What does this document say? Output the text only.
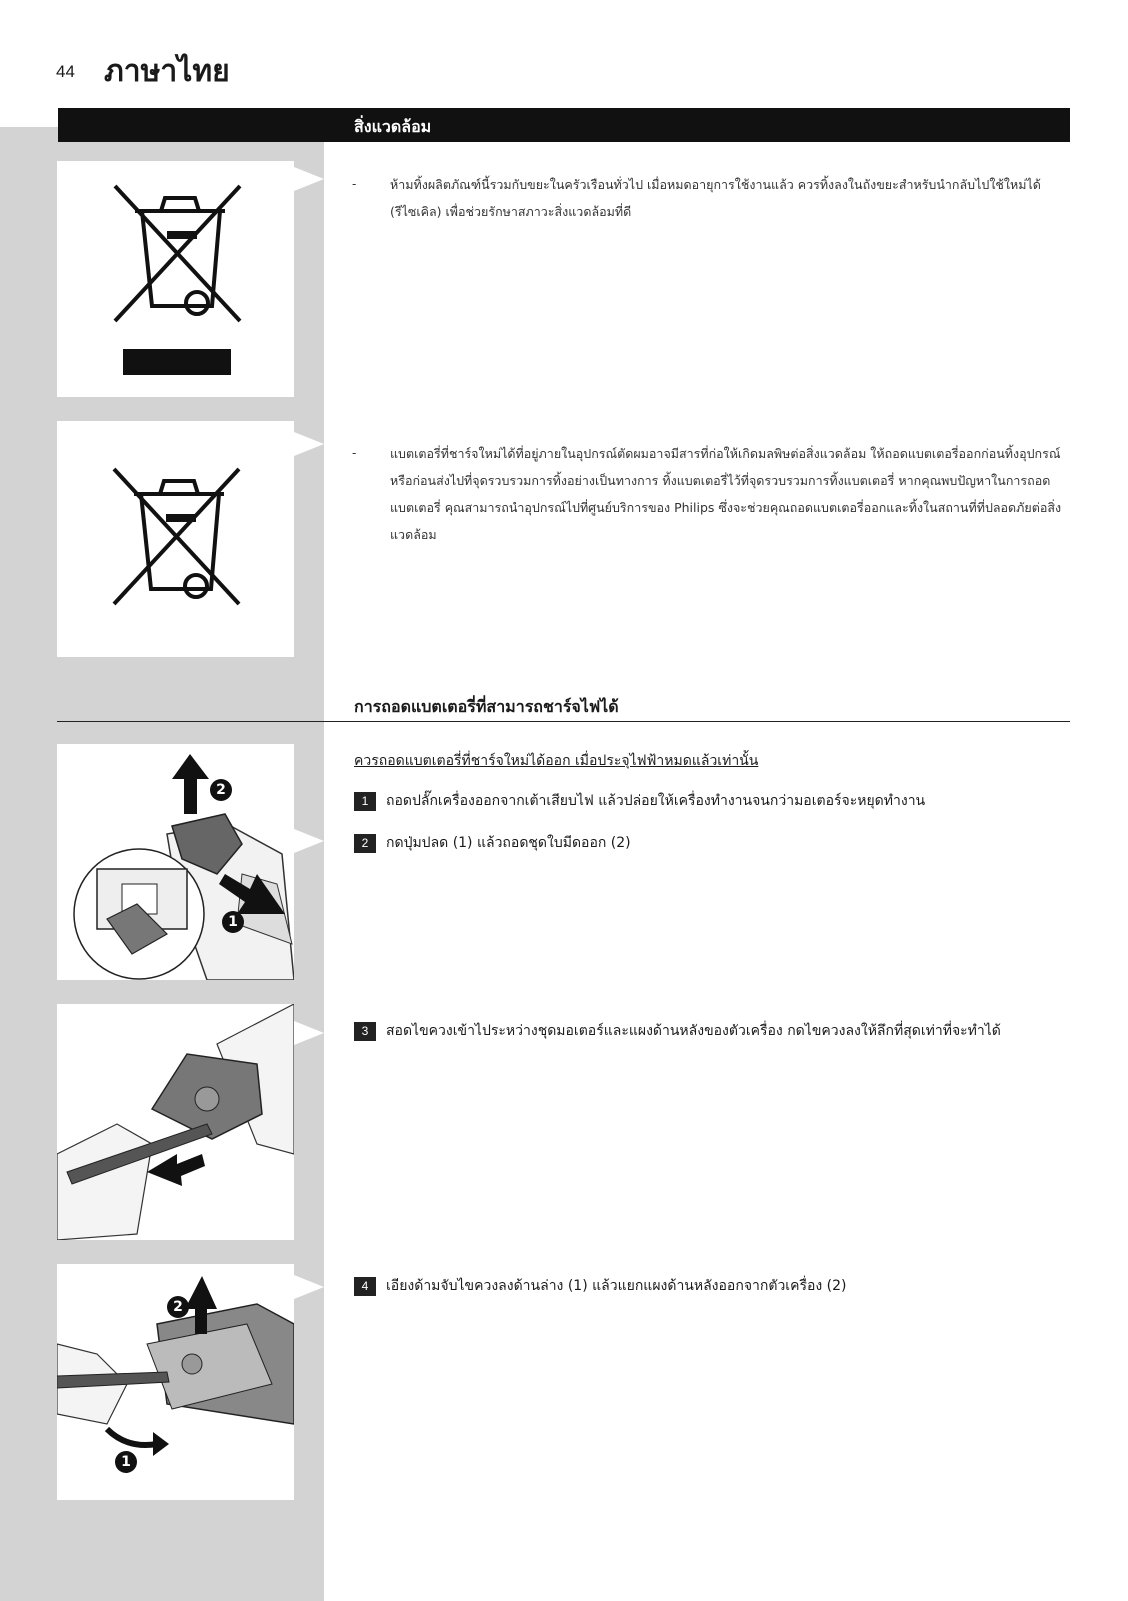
44 ภาษาไทย
สิ่งแวดล้อม
-	ห้ามทิ้งผลิตภัณฑ์นี้รวมกับขยะในครัวเรือนทั่วไป เมื่อหมดอายุการใช้งานแล้ว ควรทิ้งลงในถังขยะสำหรับนำกลับไปใช้ใหม่ได้ (รีไซเคิล) เพื่อช่วยรักษาสภาวะสิ่งแวดล้อมที่ดี
-	แบตเตอรี่ที่ชาร์จใหม่ได้ที่อยู่ภายในอุปกรณ์ตัดผมอาจมีสารที่ก่อให้เกิดมลพิษต่อสิ่งแวดล้อม ให้ถอดแบตเตอรี่ออกก่อนทิ้งอุปกรณ์หรือก่อนส่งไปที่จุดรวบรวมการทิ้งอย่างเป็นทางการ ทิ้งแบตเตอรี่ไว้ที่จุดรวบรวมการทิ้งแบตเตอรี่ หากคุณพบปัญหาในการถอดแบตเตอรี่ คุณสามารถนำอุปกรณ์ไปที่ศูนย์บริการของ Philips ซึ่งจะช่วยคุณถอดแบตเตอรี่ออกและทิ้งในสถานที่ที่ปลอดภัยต่อสิ่งแวดล้อม
การถอดแบตเตอรี่ที่สามารถชาร์จไฟได้
ควรถอดแบตเตอรี่ที่ชาร์จใหม่ได้ออก เมื่อประจุไฟฟ้าหมดแล้วเท่านั้น
2
1
1	ถอดปลั๊กเครื่องออกจากเต้าเสียบไฟ แล้วปล่อยให้เครื่องทำงานจนกว่ามอเตอร์จะหยุดทำงาน
2	กดปุ่มปลด (1) แล้วถอดชุดใบมีดออก (2)
3	สอดไขควงเข้าไประหว่างชุดมอเตอร์และแผงด้านหลังของตัวเครื่อง กดไขควงลงให้ลึกที่สุดเท่าที่จะทำได้
2
1
4	เอียงด้ามจับไขควงลงด้านล่าง (1) แล้วแยกแผงด้านหลังออกจากตัวเครื่อง (2)
